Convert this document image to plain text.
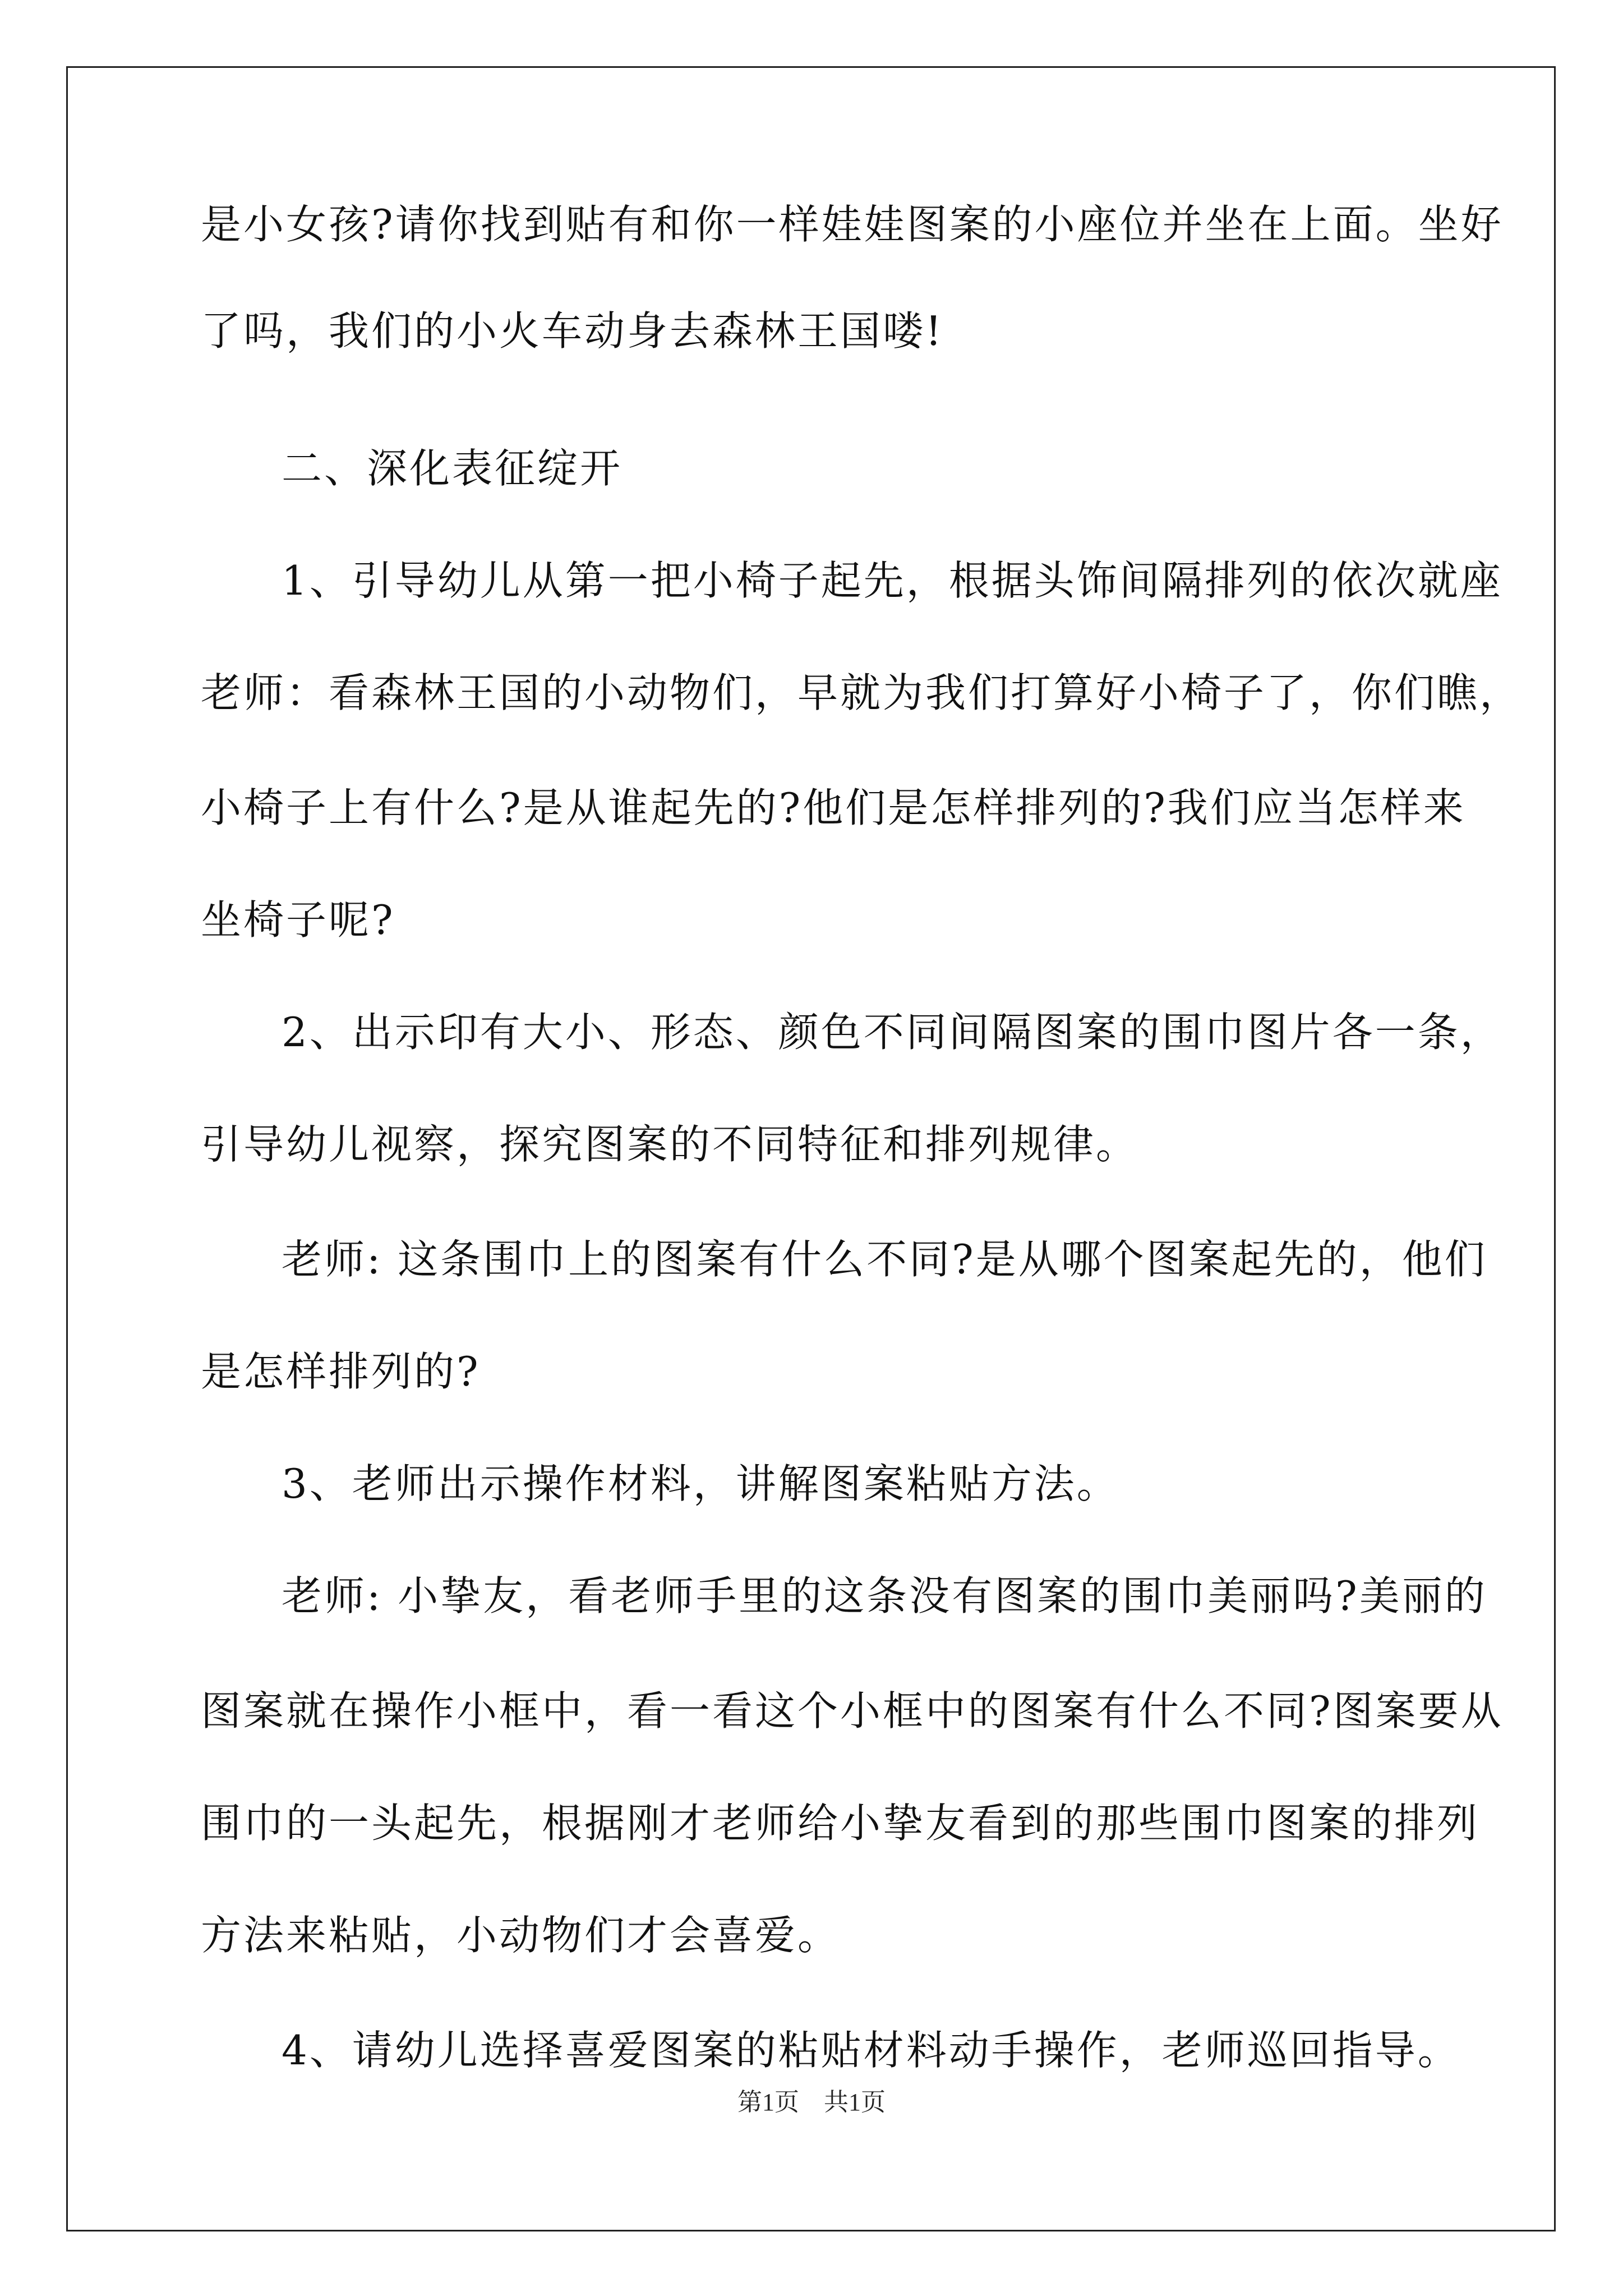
是小女孩?请你找到贴有和你一样娃娃图案的小座位并坐在上面。坐好
了吗，我们的小火车动身去森林王国喽!
二、深化表征绽开
1、引导幼儿从第一把小椅子起先，根据头饰间隔排列的依次就座
老师：看森林王国的小动物们，早就为我们打算好小椅子了，你们瞧，
小椅子上有什么?是从谁起先的?他们是怎样排列的?我们应当怎样来
坐椅子呢?
2、出示印有大小、形态、颜色不同间隔图案的围巾图片各一条，
引导幼儿视察，探究图案的不同特征和排列规律。
老师: 这条围巾上的图案有什么不同?是从哪个图案起先的，他们
是怎样排列的?
3、老师出示操作材料，讲解图案粘贴方法。
老师: 小挚友，看老师手里的这条没有图案的围巾美丽吗?美丽的
图案就在操作小框中，看一看这个小框中的图案有什么不同?图案要从
围巾的一头起先，根据刚才老师给小挚友看到的那些围巾图案的排列
方法来粘贴，小动物们才会喜爱。
4、请幼儿选择喜爱图案的粘贴材料动手操作，老师巡回指导。
第1页　共1页
